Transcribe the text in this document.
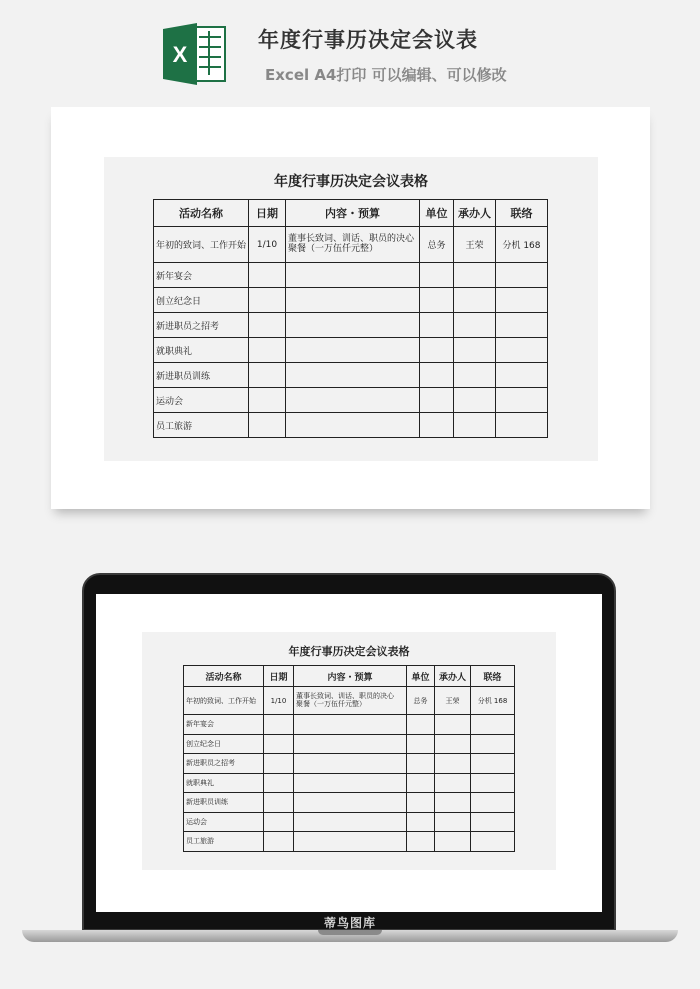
X
年度行事历决定会议表
Excel A4打印 可以编辑、可以修改
年度行事历决定会议表格
活动名称	日期	内容・预算	单位	承办人	联络

年初的致词、工作开始	1/10	董事长致词、训话、职员的决心
聚餐（一万伍仟元整）	总务	王荣	分机 168

新年宴会					

创立纪念日					

新进职员之招考					

就职典礼					

新进职员训练					

运动会					

员工旅游					

年度行事历决定会议表格
活动名称	日期	内容・预算	单位	承办人	联络

年初的致词、工作开始	1/10	董事长致词、训话、职员的决心
聚餐（一万伍仟元整）	总务	王荣	分机 168

新年宴会					

创立纪念日					

新进职员之招考					

就职典礼					

新进职员训练					

运动会					

员工旅游					

蒂鸟图库
